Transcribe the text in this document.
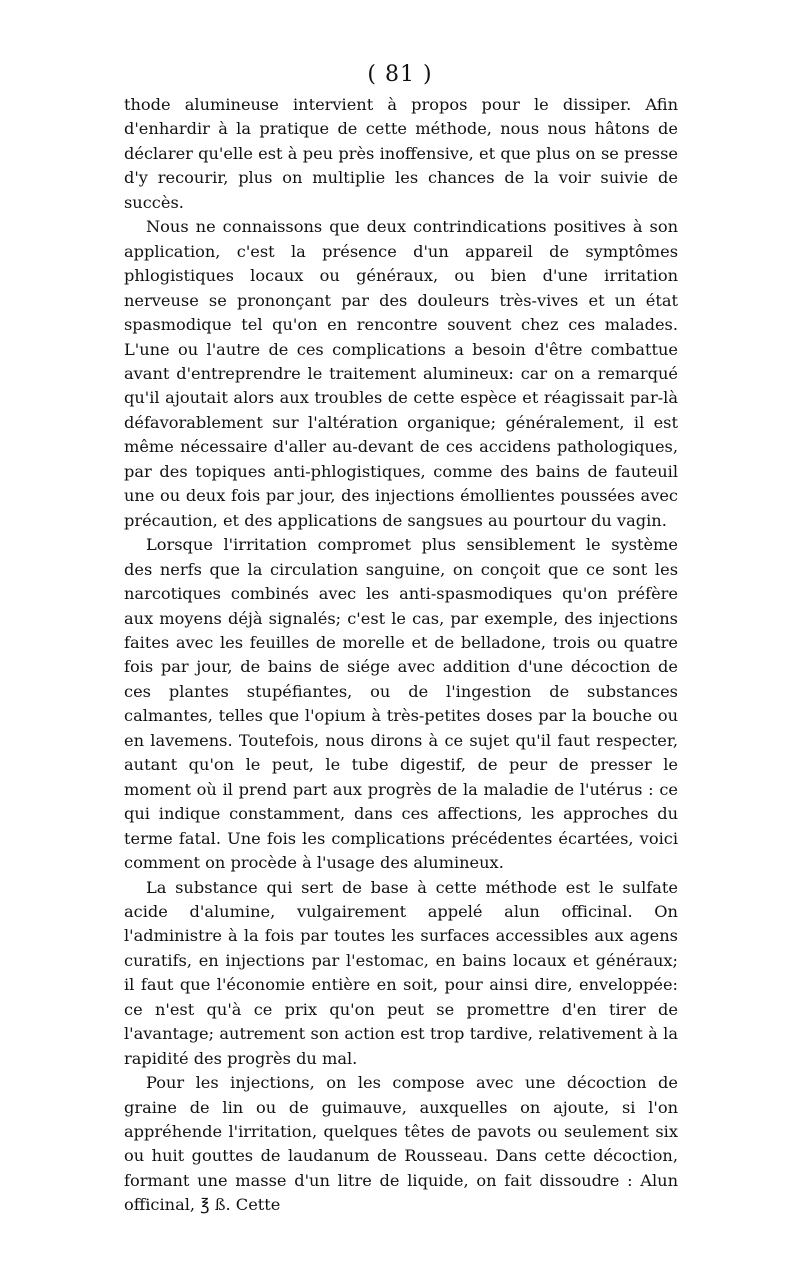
( 81 )

thode alumineuse intervient à propos pour le dissiper. Afin d'enhardir à la pratique de cette méthode, nous nous hâtons de déclarer qu'elle est à peu près inoffensive, et que plus on se presse d'y recourir, plus on multiplie les chances de la voir suivie de succès.

Nous ne connaissons que deux contrindications positives à son application, c'est la présence d'un appareil de symptômes phlogistiques locaux ou généraux, ou bien d'une irritation nerveuse se prononçant par des douleurs très-vives et un état spasmodique tel qu'on en rencontre souvent chez ces malades. L'une ou l'autre de ces complications a besoin d'être combattue avant d'entreprendre le traitement alumineux: car on a remarqué qu'il ajoutait alors aux troubles de cette espèce et réagissait par-là défavorablement sur l'altération organique; généralement, il est même nécessaire d'aller au-devant de ces accidens pathologiques, par des topiques anti-phlogistiques, comme des bains de fauteuil une ou deux fois par jour, des injections émollientes poussées avec précaution, et des applications de sangsues au pourtour du vagin.

Lorsque l'irritation compromet plus sensiblement le système des nerfs que la circulation sanguine, on conçoit que ce sont les narcotiques combinés avec les anti-spasmodiques qu'on préfère aux moyens déjà signalés; c'est le cas, par exemple, des injections faites avec les feuilles de morelle et de belladone, trois ou quatre fois par jour, de bains de siége avec addition d'une décoction de ces plantes stupéfiantes, ou de l'ingestion de substances calmantes, telles que l'opium à très-petites doses par la bouche ou en lavemens. Toutefois, nous dirons à ce sujet qu'il faut respecter, autant qu'on le peut, le tube digestif, de peur de presser le moment où il prend part aux progrès de la maladie de l'utérus : ce qui indique constamment, dans ces affections, les approches du terme fatal. Une fois les complications précédentes écartées, voici comment on procède à l'usage des alumineux.

La substance qui sert de base à cette méthode est le sulfate acide d'alumine, vulgairement appelé alun officinal. On l'administre à la fois par toutes les surfaces accessibles aux agens curatifs, en injections par l'estomac, en bains locaux et généraux; il faut que l'économie entière en soit, pour ainsi dire, enveloppée: ce n'est qu'à ce prix qu'on peut se promettre d'en tirer de l'avantage; autrement son action est trop tardive, relativement à la rapidité des progrès du mal.

Pour les injections, on les compose avec une décoction de graine de lin ou de guimauve, auxquelles on ajoute, si l'on appréhende l'irritation, quelques têtes de pavots ou seulement six ou huit gouttes de laudanum de Rousseau. Dans cette décoction, formant une masse d'un litre de liquide, on fait dissoudre : Alun officinal, ℥ ß. Cette
